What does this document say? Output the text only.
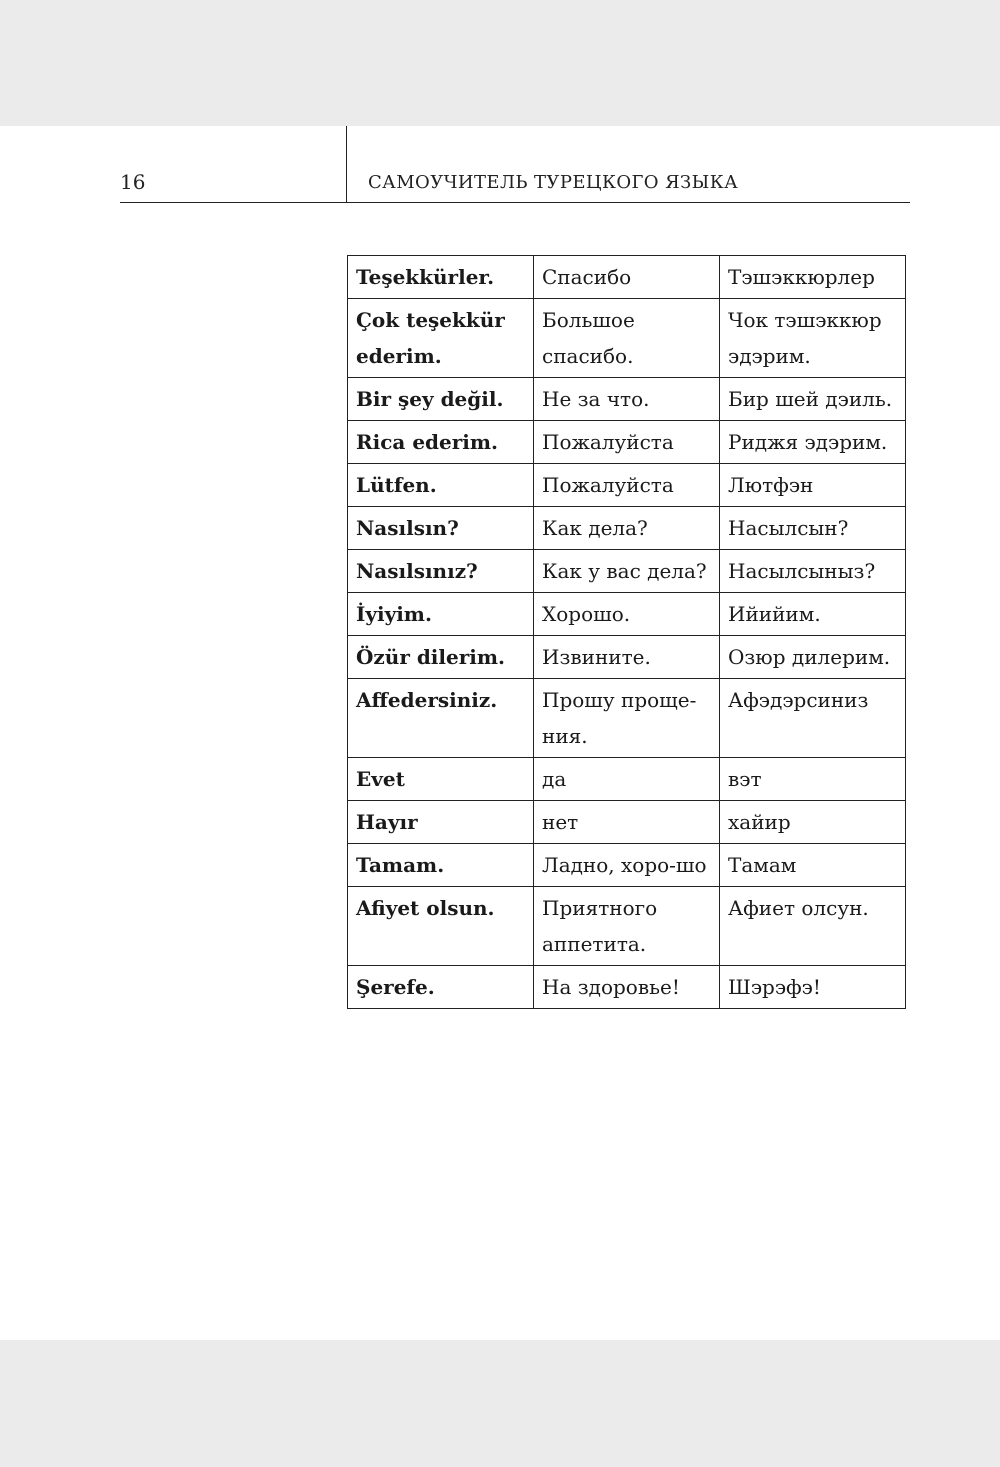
16	САМОУЧИТЕЛЬ ТУРЕЦКОГО ЯЗЫКА
Teşekkürler.	Спасибо	Тэшэккюрлер
Çok teşekkür ederim.	Большое спасибо.	Чок тэшэккюр эдэрим.
Bir şey değil.	Не за что.	Бир шей дэиль.
Rica ederim.	Пожалуйста	Риджя эдэрим.
Lütfen.	Пожалуйста	Лютфэн
Nasılsın?	Как дела?	Насылсын?
Nasılsınız?	Как у вас дела?	Насылсыныз?
İyiyim.	Хорошо.	Ийийим.
Özür dilerim.	Извините.	Озюр дилерим.
Affedersiniz.	Прошу проще-ния.	Афэдэрсиниз
Evet	да	вэт
Hayır	нет	хайир
Tamam.	Ладно, хоро-шо	Тамам
Afiyet olsun.	Приятного аппетита.	Афиет олсун.
Şerefe.	На здоровье!	Шэрэфэ!
